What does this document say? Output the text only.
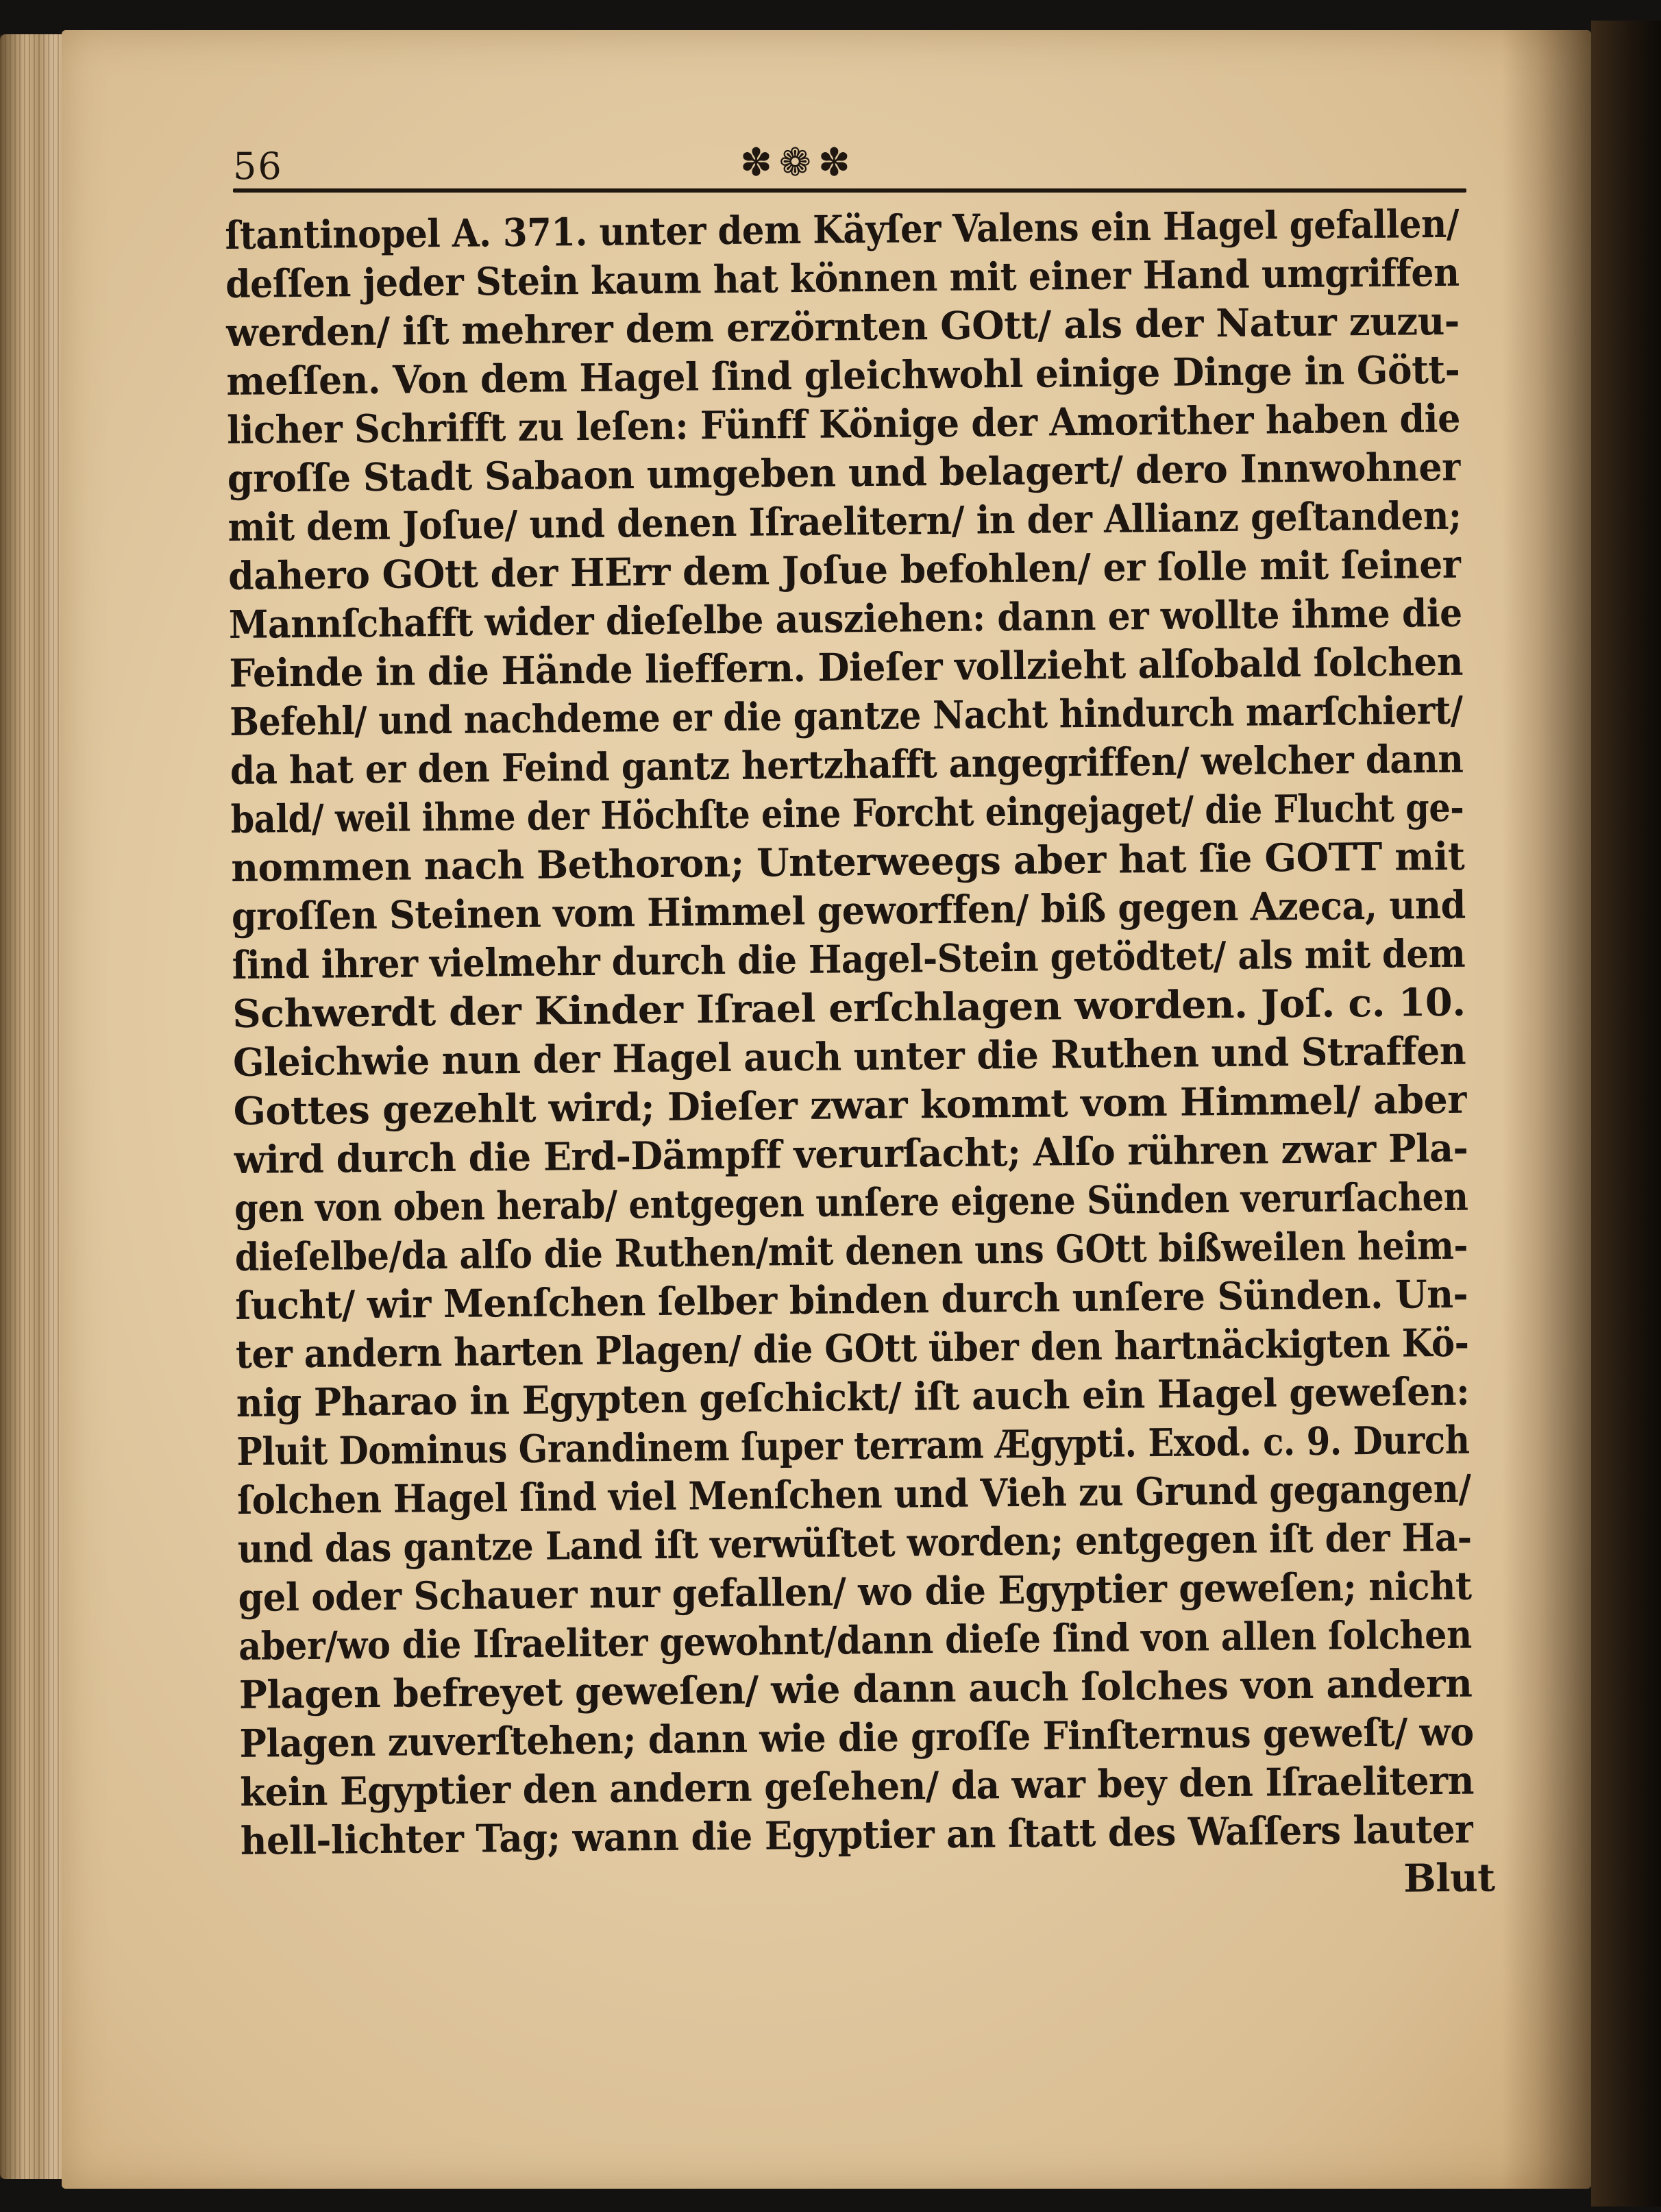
56	✽❁✽
ſtantinopel A. 371. unter dem Käyſer Valens ein Hagel gefallen/
deſſen jeder Stein kaum hat können mit einer Hand umgriffen
werden/ iſt mehrer dem erzörnten GOtt/ als der Natur zuzu-
meſſen. Von dem Hagel ſind gleichwohl einige Dinge in Gött-
licher Schrifft zu leſen: Fünff Könige der Amorither haben die
groſſe Stadt Sabaon umgeben und belagert/ dero Innwohner
mit dem Joſue/ und denen Iſraelitern/ in der Allianz geſtanden;
dahero GOtt der HErr dem Joſue befohlen/ er ſolle mit ſeiner
Mannſchafft wider dieſelbe ausziehen: dann er wollte ihme die
Feinde in die Hände lieffern. Dieſer vollzieht alſobald ſolchen
Befehl/ und nachdeme er die gantze Nacht hindurch marſchiert/
da hat er den Feind gantz hertzhafft angegriffen/ welcher dann
bald/ weil ihme der Höchſte eine Forcht eingejaget/ die Flucht ge-
nommen nach Bethoron; Unterweegs aber hat ſie GOTT mit
groſſen Steinen vom Himmel geworffen/ biß gegen Azeca, und
ſind ihrer vielmehr durch die Hagel-Stein getödtet/ als mit dem
Schwerdt der Kinder Iſrael erſchlagen worden. Joſ. c. 10.
Gleichwie nun der Hagel auch unter die Ruthen und Straffen
Gottes gezehlt wird; Dieſer zwar kommt vom Himmel/ aber
wird durch die Erd-Dämpff verurſacht; Alſo rühren zwar Pla-
gen von oben herab/ entgegen unſere eigene Sünden verurſachen
dieſelbe/da alſo die Ruthen/mit denen uns GOtt bißweilen heim-
ſucht/ wir Menſchen ſelber binden durch unſere Sünden. Un-
ter andern harten Plagen/ die GOtt über den hartnäckigten Kö-
nig Pharao in Egypten geſchickt/ iſt auch ein Hagel geweſen:
Pluit Dominus Grandinem ſuper terram Ægypti. Exod. c. 9. Durch
ſolchen Hagel ſind viel Menſchen und Vieh zu Grund gegangen/
und das gantze Land iſt verwüſtet worden; entgegen iſt der Ha-
gel oder Schauer nur gefallen/ wo die Egyptier geweſen; nicht
aber/wo die Iſraeliter gewohnt/dann dieſe ſind von allen ſolchen
Plagen befreyet geweſen/ wie dann auch ſolches von andern
Plagen zuverſtehen; dann wie die groſſe Finſternus geweſt/ wo
kein Egyptier den andern geſehen/ da war bey den Iſraelitern
hell-lichter Tag; wann die Egyptier an ſtatt des Waſſers lauter
Blut
